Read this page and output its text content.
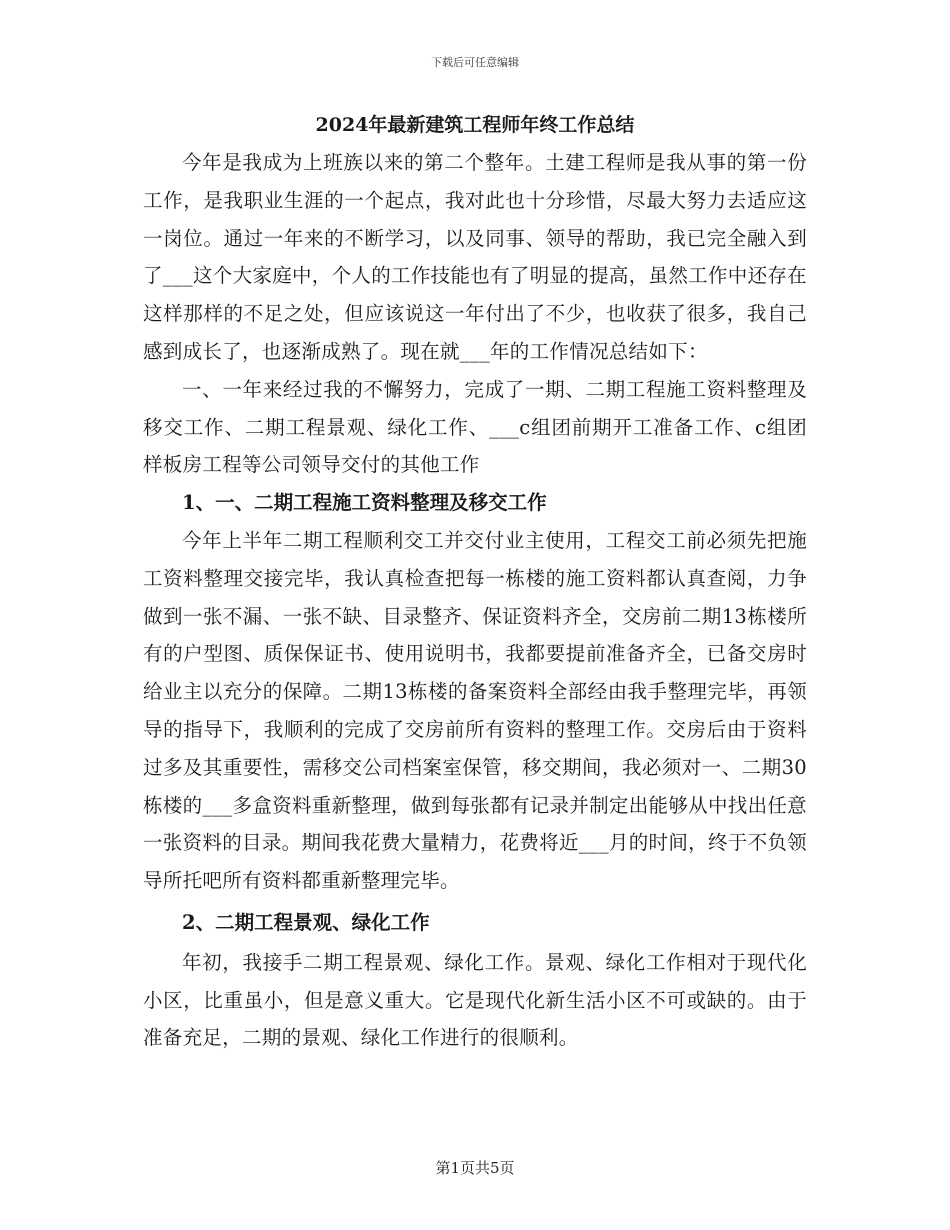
下载后可任意编辑
2024年最新建筑工程师年终工作总结

今年是我成为上班族以来的第二个整年。土建工程师是我从事的第一份工作，是我职业生涯的一个起点，我对此也十分珍惜，尽最大努力去适应这一岗位。通过一年来的不断学习，以及同事、领导的帮助，我已完全融入到了___这个大家庭中，个人的工作技能也有了明显的提高，虽然工作中还存在这样那样的不足之处，但应该说这一年付出了不少，也收获了很多，我自己感到成长了，也逐渐成熟了。现在就___年的工作情况总结如下：

一、一年来经过我的不懈努力，完成了一期、二期工程施工资料整理及移交工作、二期工程景观、绿化工作、___c组团前期开工准备工作、c组团样板房工程等公司领导交付的其他工作

1、一、二期工程施工资料整理及移交工作

今年上半年二期工程顺利交工并交付业主使用，工程交工前必须先把施工资料整理交接完毕，我认真检查把每一栋楼的施工资料都认真查阅，力争做到一张不漏、一张不缺、目录整齐、保证资料齐全，交房前二期13栋楼所有的户型图、质保保证书、使用说明书，我都要提前准备齐全，已备交房时给业主以充分的保障。二期13栋楼的备案资料全部经由我手整理完毕，再领导的指导下，我顺利的完成了交房前所有资料的整理工作。交房后由于资料过多及其重要性，需移交公司档案室保管，移交期间，我必须对一、二期30栋楼的___多盒资料重新整理，做到每张都有记录并制定出能够从中找出任意一张资料的目录。期间我花费大量精力，花费将近___月的时间，终于不负领导所托吧所有资料都重新整理完毕。

2、二期工程景观、绿化工作

年初，我接手二期工程景观、绿化工作。景观、绿化工作相对于现代化小区，比重虽小，但是意义重大。它是现代化新生活小区不可或缺的。由于准备充足，二期的景观、绿化工作进行的很顺利。

第1页共5页
